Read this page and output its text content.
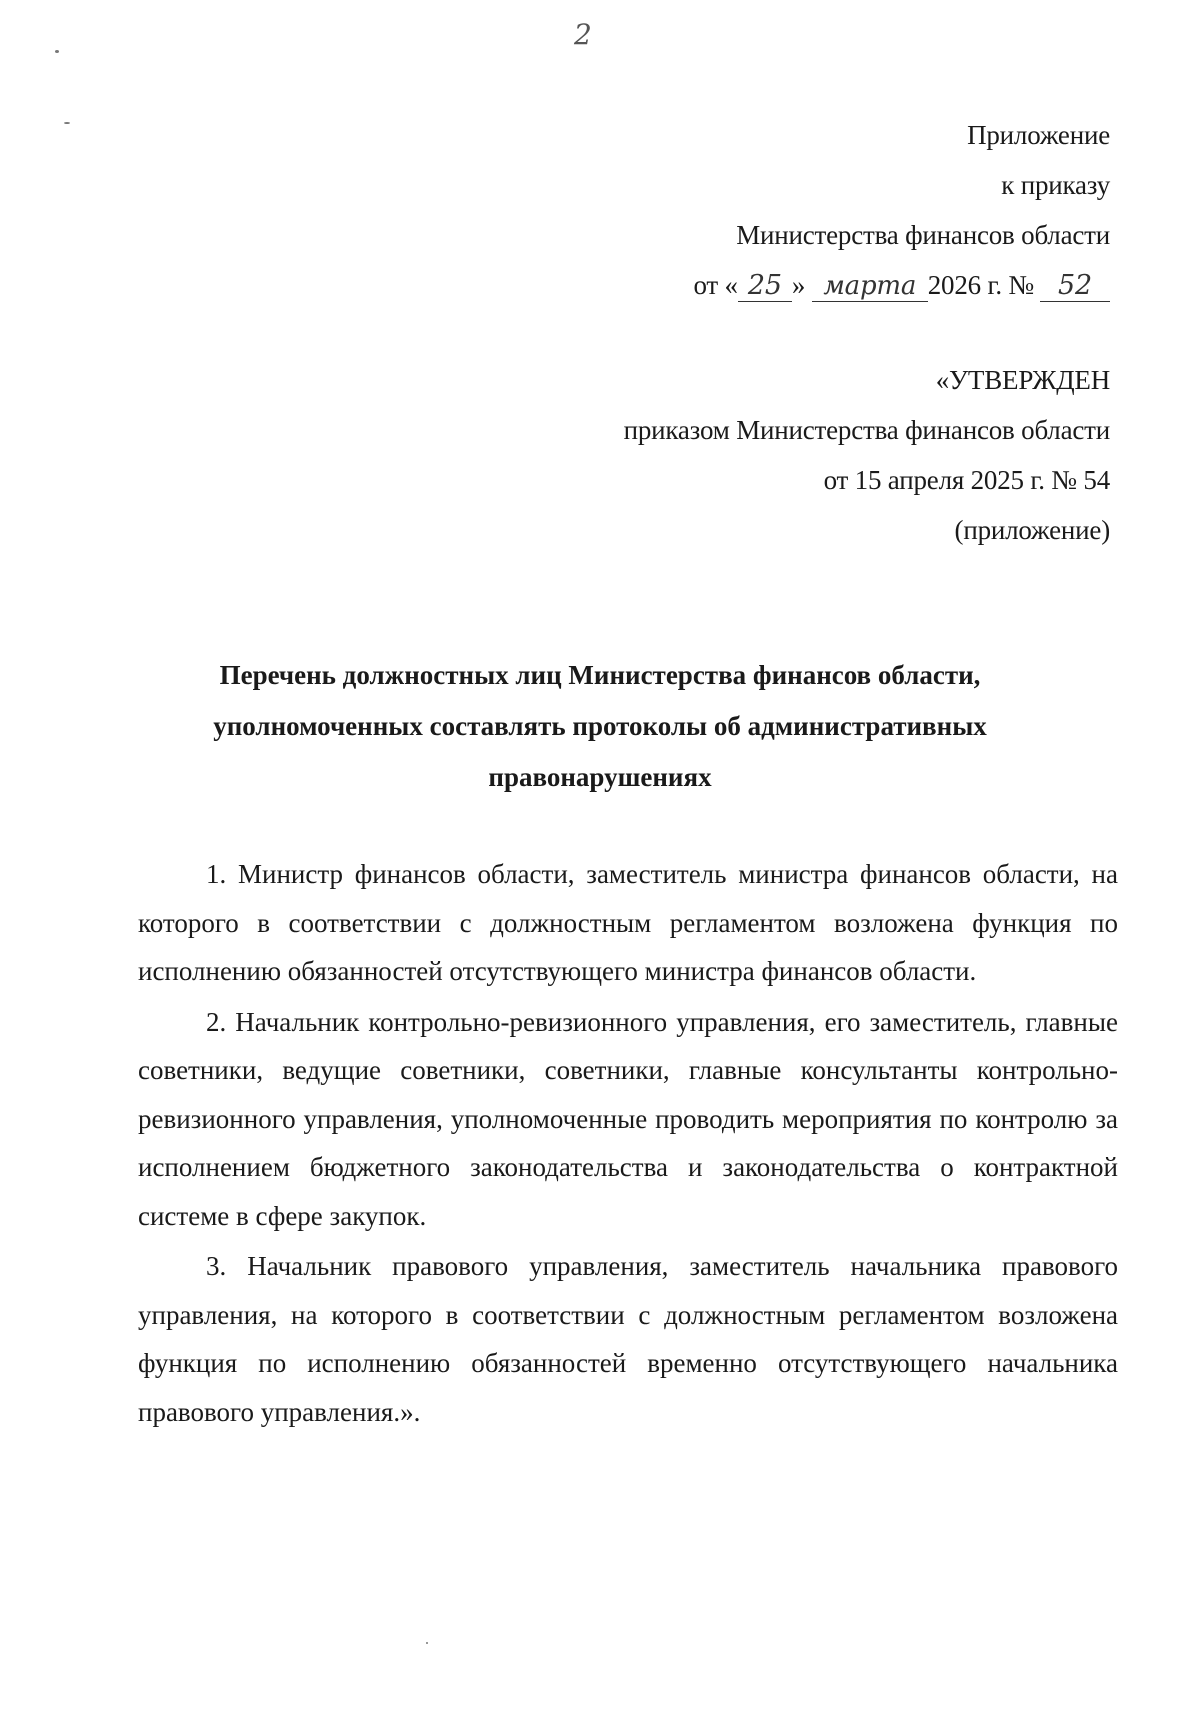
2
Приложение
к приказу
Министерства финансов области
от « 25 » марта 2026 г. № 52
«УТВЕРЖДЕН
приказом Министерства финансов области
от 15 апреля 2025 г. № 54
(приложение)
Перечень должностных лиц Министерства финансов области,
уполномоченных составлять протоколы об административных
правонарушениях

1. Министр финансов области, заместитель министра финансов области, на которого в соответствии с должностным регламентом возложена функция по исполнению обязанностей отсутствующего министра финансов области.

2. Начальник контрольно-ревизионного управления, его заместитель, главные советники, ведущие советники, советники, главные консультанты контрольно-ревизионного управления, уполномоченные проводить мероприятия по контролю за исполнением бюджетного законодательства и законодательства о контрактной системе в сфере закупок.

3. Начальник правового управления, заместитель начальника правового управления, на которого в соответствии с должностным регламентом возложена функция по исполнению обязанностей временно отсутствующего начальника правового управления.».
